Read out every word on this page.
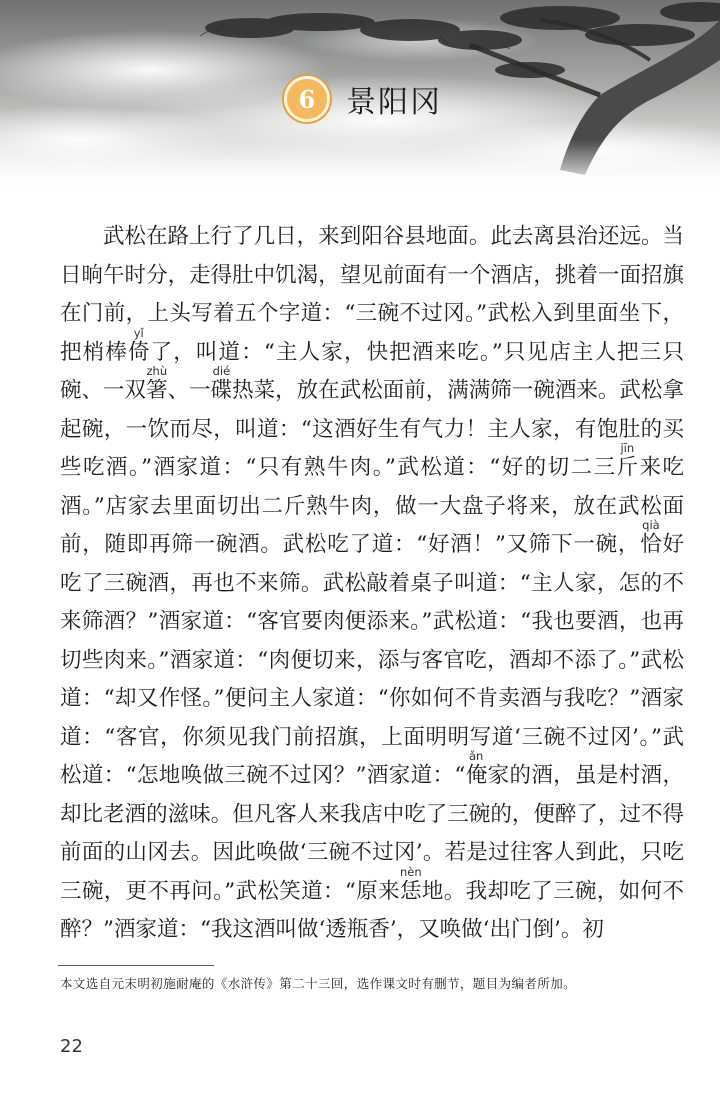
6 景阳冈

武松在路上行了几日，来到阳谷县地面。此去离县治还远。当日晌午时分，走得肚中饥渴，望见前面有一个酒店，挑着一面招旗在门前，上头写着五个字道：“三碗不过冈。”武松入到里面坐下，把梢棒倚yǐ了，叫道：“主人家，快把酒来吃。”只见店主人把三只碗、一双箸zhù、一碟dié热菜，放在武松面前，满满筛一碗酒来。武松拿起碗，一饮而尽，叫道：“这酒好生有气力！主人家，有饱肚的买些吃酒。”酒家道：“只有熟牛肉。”武松道：“好的切二三斤jīn来吃酒。”店家去里面切出二斤熟牛肉，做一大盘子将来，放在武松面前，随即再筛一碗酒。武松吃了道：“好酒！”又筛下一碗，恰qià好吃了三碗酒，再也不来筛。武松敲着桌子叫道：“主人家，怎的不来筛酒？”酒家道：“客官要肉便添来。”武松道：“我也要酒，也再切些肉来。”酒家道：“肉便切来，添与客官吃，酒却不添了。”武松道：“却又作怪。”便问主人家道：“你如何不肯卖酒与我吃？”酒家道：“客官，你须见我门前招旗，上面明明写道‘三碗不过冈’。”武松道：“怎地唤做三碗不过冈？”酒家道：“俺ǎn家的酒，虽是村酒，却比老酒的滋味。但凡客人来我店中吃了三碗的，便醉了，过不得前面的山冈去。因此唤做‘三碗不过冈’。若是过往客人到此，只吃三碗，更不再问。”武松笑道：“原来恁nèn地。我却吃了三碗，如何不醉？”酒家道：“我这酒叫做‘透瓶香’，又唤做‘出门倒’。初

本文选自元末明初施耐庵的《水浒传》第二十三回，选作课文时有删节，题目为编者所加。
22
